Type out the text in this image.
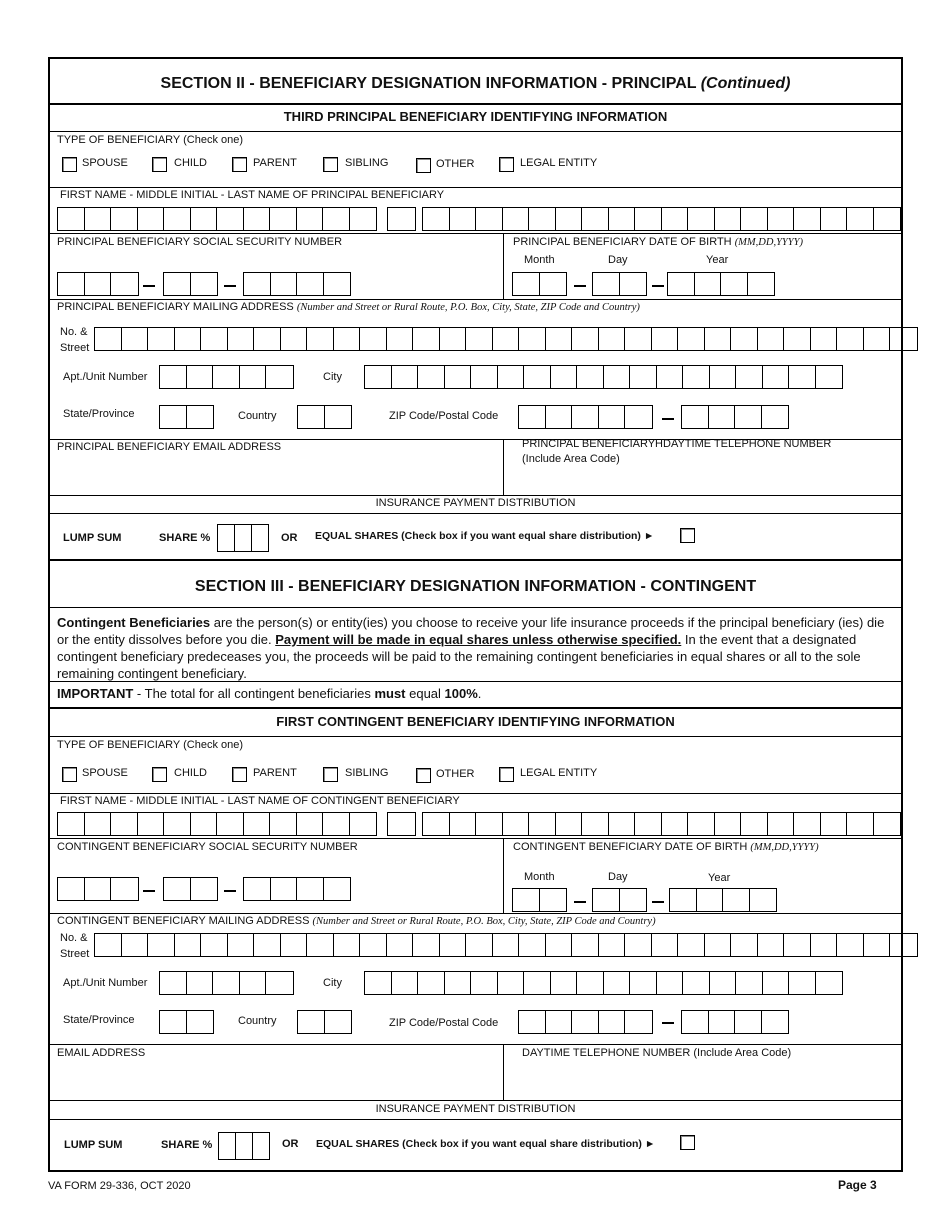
SECTION II - BENEFICIARY DESIGNATION INFORMATION - PRINCIPAL (Continued)
THIRD PRINCIPAL BENEFICIARY IDENTIFYING INFORMATION
TYPE OF BENEFICIARY (Check one)
SPOUSE	CHILD	PARENT	SIBLING	OTHER	LEGAL ENTITY
FIRST NAME - MIDDLE INITIAL - LAST NAME OF PRINCIPAL BENEFICIARY
PRINCIPAL BENEFICIARY SOCIAL SECURITY NUMBER	PRINCIPAL BENEFICIARY DATE OF BIRTH (MM,DD,YYYY)
Month	Day	Year
PRINCIPAL BENEFICIARY MAILING ADDRESS (Number and Street or Rural Route, P.O. Box, City, State, ZIP Code and Country)
No. &
Street
Apt./Unit Number	City
State/Province	Country	ZIP Code/Postal Code
PRINCIPAL BENEFICIARY EMAIL ADDRESS	PRINCIPAL BENEFICIARYHDAYTIME TELEPHONE NUMBER
(Include Area Code)
INSURANCE PAYMENT DISTRIBUTION
LUMP SUM	SHARE %	OR EQUAL SHARES (Check box if you want equal share distribution) ►
SECTION III - BENEFICIARY DESIGNATION INFORMATION - CONTINGENT
Contingent Beneficiaries are the person(s) or entity(ies) you choose to receive your life insurance proceeds if the principal beneficiary (ies) die or the entity dissolves before you die. Payment will be made in equal shares unless otherwise specified. In the event that a designated contingent beneficiary predeceases you, the proceeds will be paid to the remaining contingent beneficiaries in equal shares or all to the sole remaining contingent beneficiary.
IMPORTANT - The total for all contingent beneficiaries must equal 100%.
FIRST CONTINGENT BENEFICIARY IDENTIFYING INFORMATION
TYPE OF BENEFICIARY (Check one)
SPOUSE	CHILD	PARENT	SIBLING	OTHER	LEGAL ENTITY
FIRST NAME - MIDDLE INITIAL - LAST NAME OF CONTINGENT BENEFICIARY
CONTINGENT BENEFICIARY SOCIAL SECURITY NUMBER	CONTINGENT BENEFICIARY DATE OF BIRTH (MM,DD,YYYY)
Month	Day	Year
CONTINGENT BENEFICIARY MAILING ADDRESS (Number and Street or Rural Route, P.O. Box, City, State, ZIP Code and Country)
No. &
Street
Apt./Unit Number	City
State/Province	Country	ZIP Code/Postal Code
EMAIL ADDRESS	DAYTIME TELEPHONE NUMBER (Include Area Code)
INSURANCE PAYMENT DISTRIBUTION
LUMP SUM	SHARE %	OR EQUAL SHARES (Check box if you want equal share distribution) ►
VA FORM 29-336, OCT 2020	Page 3
